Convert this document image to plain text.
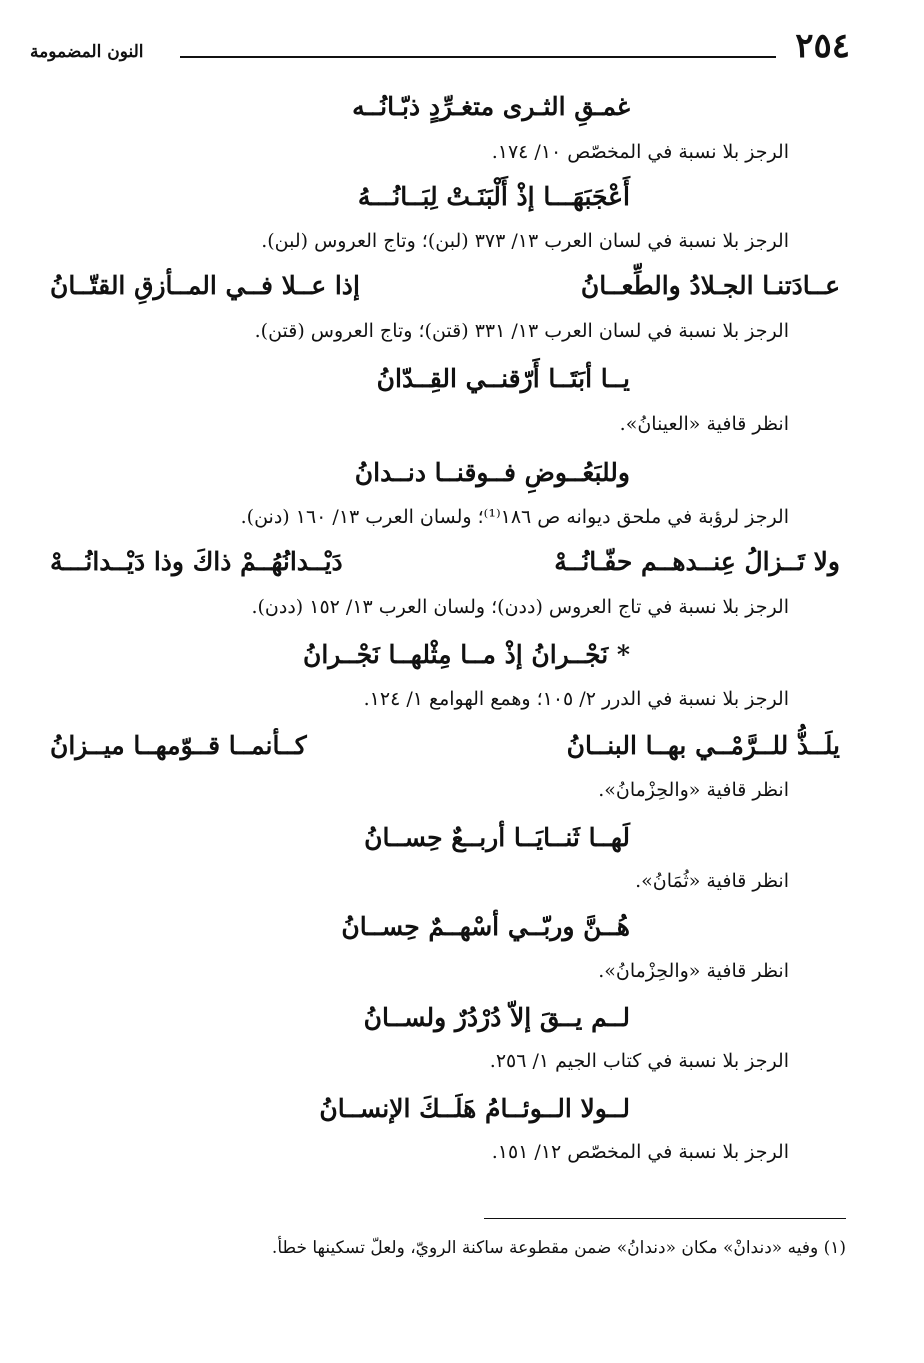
٢٥٤
النون المضمومة
غمـقِ الثـرى متغـرِّدٍ ذبّـانُــه
الرجز بلا نسبة في المخصّص ١٠/ ١٧٤.
أَعْجَبَهَـــا إذْ أَلْبَنَـتْ لِبَــانُـــهُ
الرجز بلا نسبة في لسان العرب ١٣/ ٣٧٣ (لبن)؛ وتاج العروس (لبن).
عــادَتنـا الجـلادُ والطِّعــانُ
إذا عــلا فــي المــأزقِ القتّــانُ
الرجز بلا نسبة في لسان العرب ١٣/ ٣٣١ (قتن)؛ وتاج العروس (قتن).
يــا أبَتَــا أَرّقنــي القِــدّانُ
انظر قافية «العينانُ».
وللبَعُــوضِ فــوقنــا دنــدانُ
الرجز لرؤبة في ملحق ديوانه ص ١٨٦⁽¹⁾؛ ولسان العرب ١٣/ ١٦٠ (دنن).
ولا تَــزالُ عِنــدهــم حفّـانُــهْ
دَيْــدانُهُــمْ ذاكَ وذا دَيْــدانُـــهْ
الرجز بلا نسبة في تاج العروس (ددن)؛ ولسان العرب ١٣/ ١٥٢ (ددن).
* نَجْــرانُ إذْ مــا مِثْلهــا نَجْــرانُ
الرجز بلا نسبة في الدرر ٢/ ١٠٥؛ وهمع الهوامع ١/ ١٢٤.
يلَــذُّ للــرَّمْــي بهــا البنــانُ
كــأنمــا قــوّمهــا ميــزانُ
انظر قافية «والحِزْمانُ».
لَهــا ثَنــايَــا أربــعٌ حِســانُ
انظر قافية «ثُمَانُ».
هُــنَّ وربّــي أسْهــمٌ حِســانُ
انظر قافية «والحِزْمانُ».
لــم يــقَ إلاّ دُرْدُرٌ ولســانُ
الرجز بلا نسبة في كتاب الجيم ١/ ٢٥٦.
لــولا الــوئــامُ هَلَــكَ الإنســانُ
الرجز بلا نسبة في المخصّص ١٢/ ١٥١.
(١) وفيه «دندانْ» مكان «دندانُ» ضمن مقطوعة ساكنة الرويّ، ولعلّ تسكينها خطأ.
